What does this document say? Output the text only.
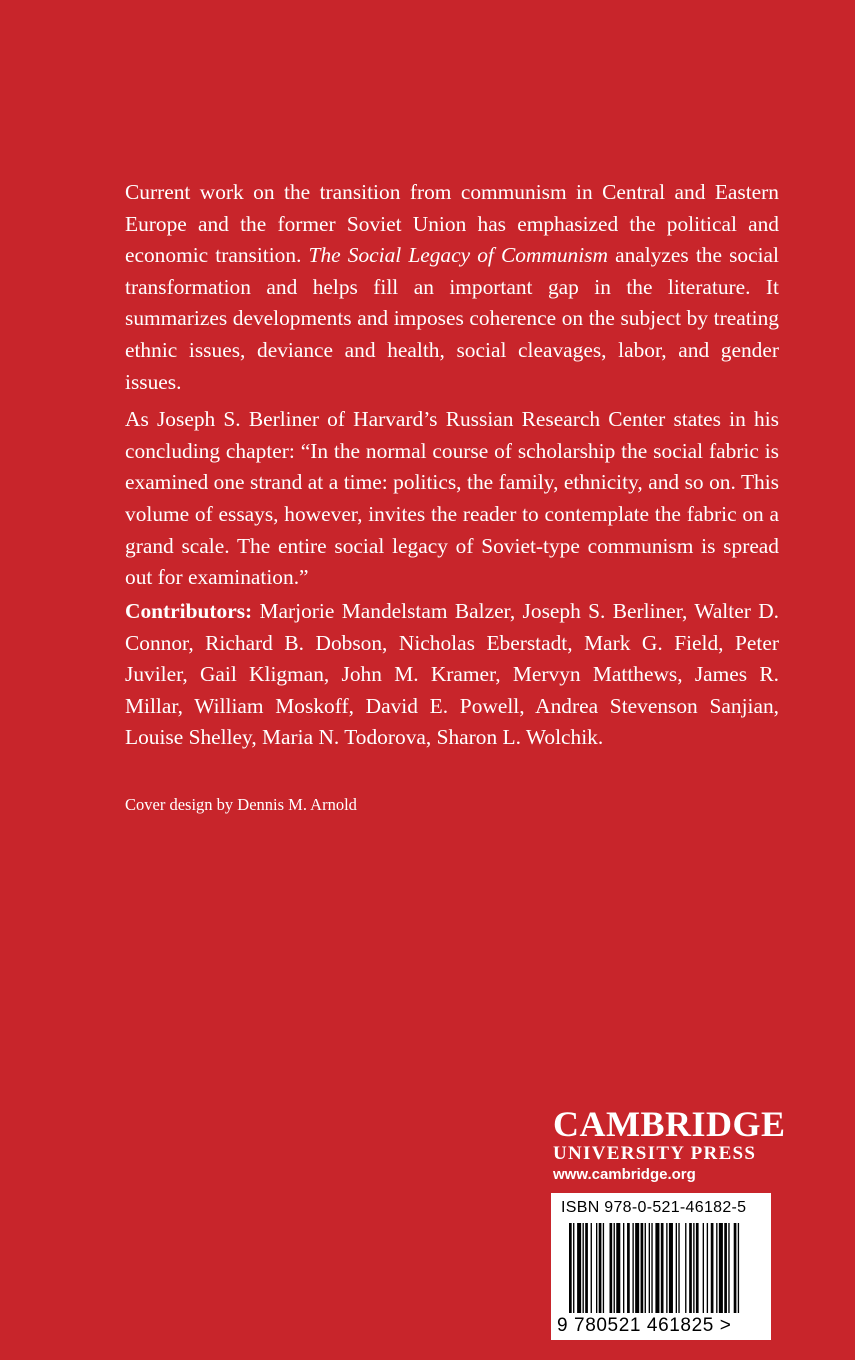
Current work on the transition from communism in Central and Eastern Europe and the former Soviet Union has emphasized the political and economic transition. The Social Legacy of Communism analyzes the social transformation and helps fill an important gap in the literature. It summarizes developments and imposes coherence on the subject by treating ethnic issues, deviance and health, social cleavages, labor, and gender issues.

As Joseph S. Berliner of Harvard’s Russian Research Center states in his concluding chapter: “In the normal course of scholarship the social fabric is examined one strand at a time: politics, the family, ethnicity, and so on. This volume of essays, however, invites the reader to contemplate the fabric on a grand scale. The entire social legacy of Soviet-type communism is spread out for examination.”

Contributors: Marjorie Mandelstam Balzer, Joseph S. Berliner, Walter D. Connor, Richard B. Dobson, Nicholas Eberstadt, Mark G. Field, Peter Juviler, Gail Kligman, John M. Kramer, Mervyn Matthews, James R. Millar, William Moskoff, David E. Powell, Andrea Stevenson Sanjian, Louise Shelley, Maria N. Todorova, Sharon L. Wolchik.
Cover design by Dennis M. Arnold
CAMBRIDGE
UNIVERSITY PRESS
www.cambridge.org
ISBN 978-0-521-46182-5
9 780521 461825 >
